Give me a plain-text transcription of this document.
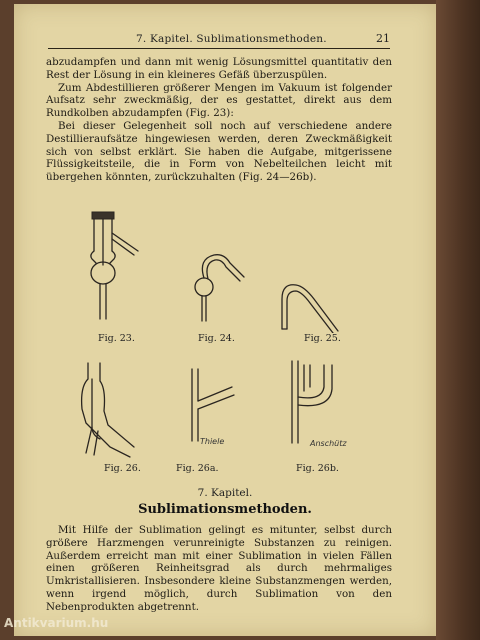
7. Kapitel. Sublimationsmethoden.	21

abzudampfen und dann mit wenig Lösungsmittel quantitativ den Rest der Lösung in ein kleineres Gefäß überzuspülen.

Zum Abdestillieren größerer Mengen im Vakuum ist folgender Aufsatz sehr zweckmäßig, der es gestattet, direkt aus dem Rundkolben abzudampfen (Fig. 23):

Bei dieser Gelegenheit soll noch auf verschiedene andere Destillieraufsätze hingewiesen werden, deren Zweckmäßigkeit sich von selbst erklärt. Sie haben die Aufgabe, mitgerissene Flüssigkeitsteile, die in Form von Nebelteilchen leicht mit übergehen könnten, zurückzuhalten (Fig. 24—26b).

Fig. 23.	Fig. 24.	Fig. 25.
Fig. 26.
Thiele
Fig. 26a.
Anschütz
Fig. 26b.
7. Kapitel.
Sublimationsmethoden.

Mit Hilfe der Sublimation gelingt es mitunter, selbst durch größere Harzmengen verunreinigte Substanzen zu reinigen. Außerdem erreicht man mit einer Sublimation in vielen Fällen einen größeren Reinheitsgrad als durch mehrmaliges Umkristallisieren. Insbesondere kleine Substanzmengen werden, wenn irgend möglich, durch Sublimation von den Nebenprodukten abgetrennt.

Antikvarium.hu
